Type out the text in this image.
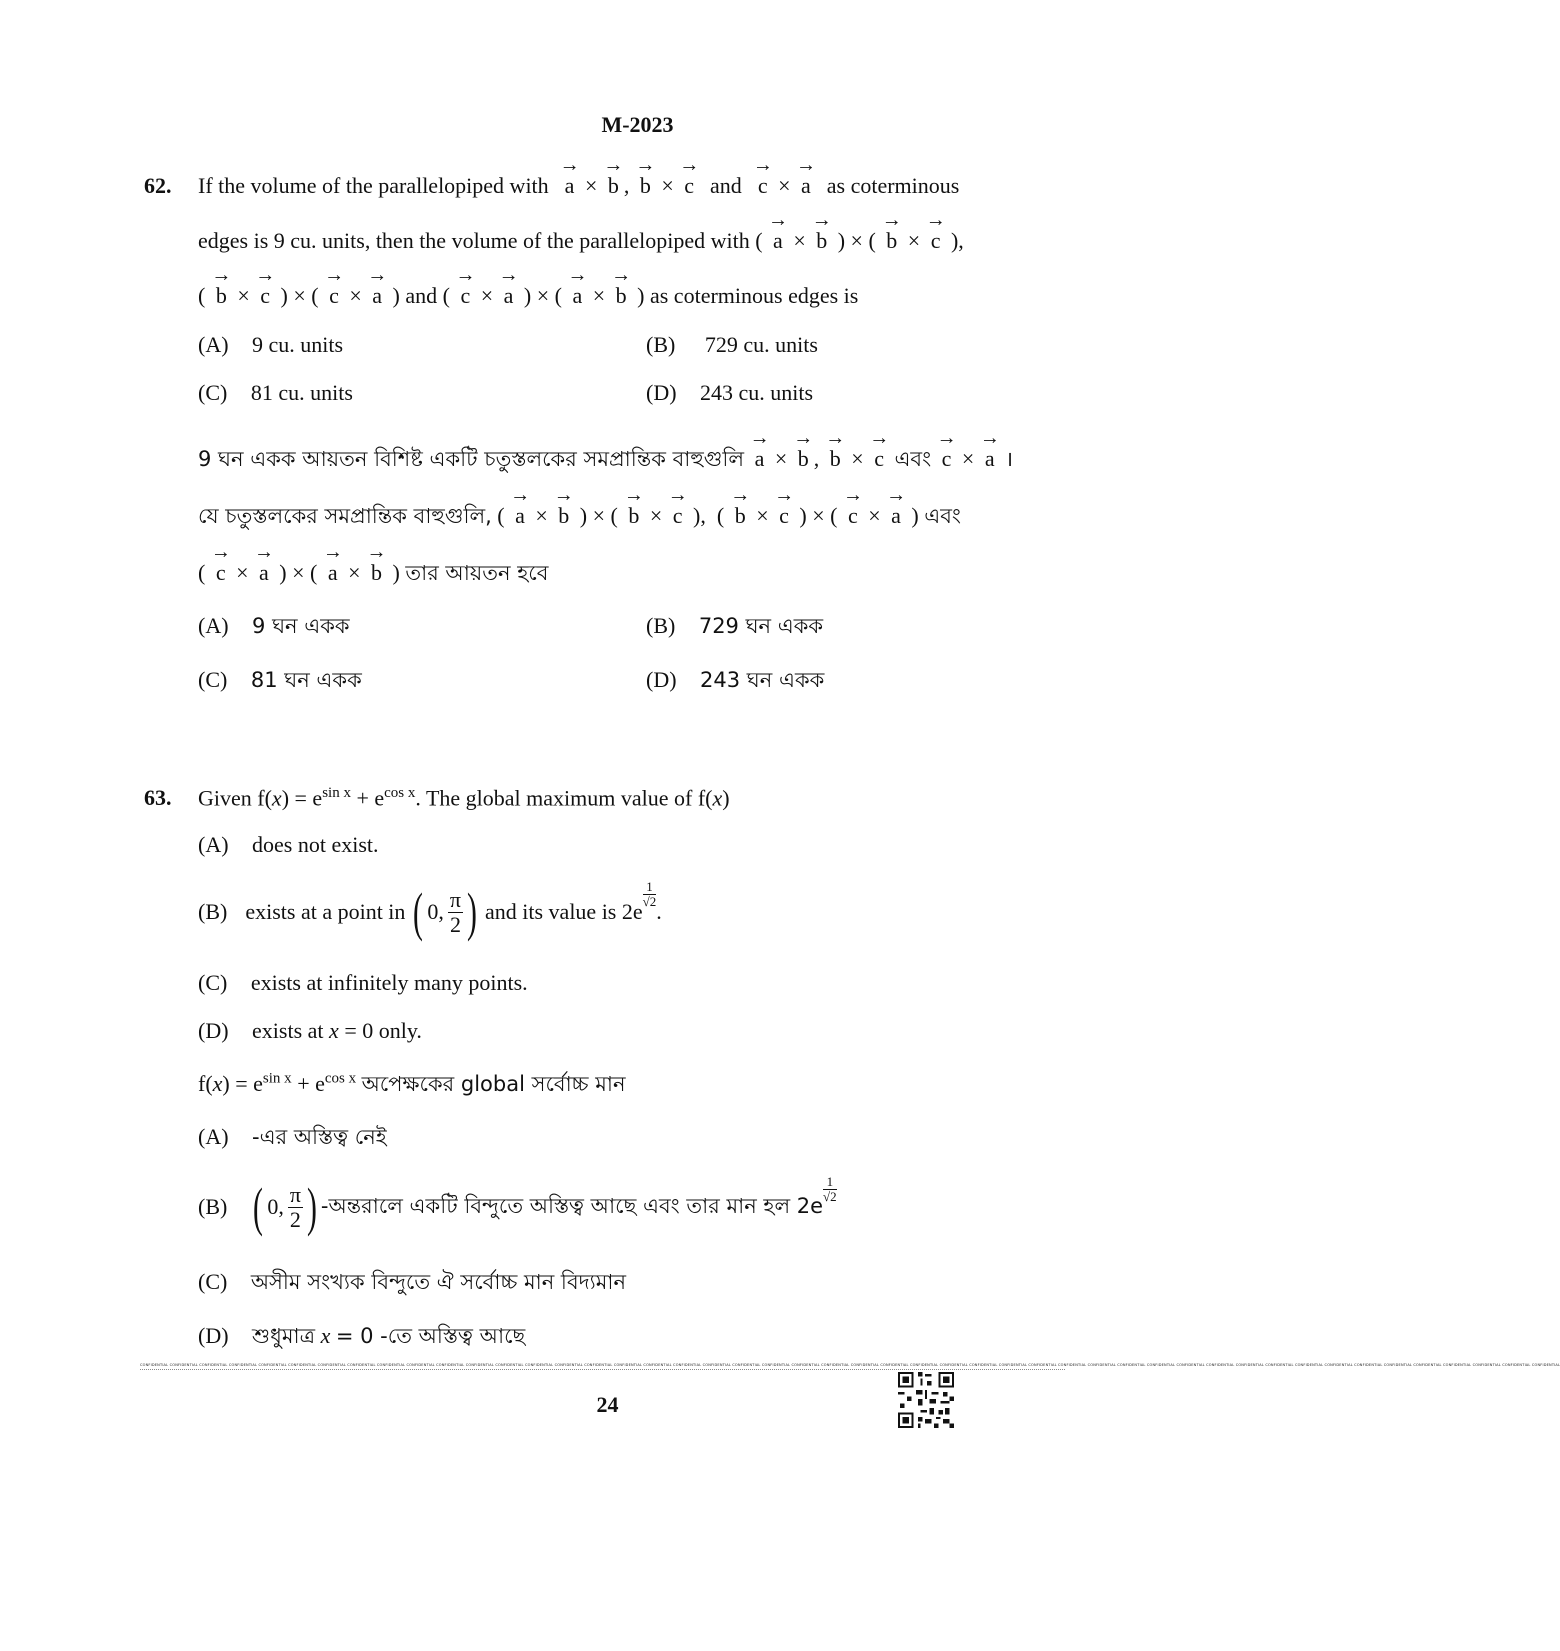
M-2023
62. If the volume of the parallelopiped with → a × → b , → b × → c and → c × → a as coterminous
edges is 9 cu. units, then the volume of the parallelopiped with ( → a × → b ) × ( → b × → c ),
( → b × → c ) × ( → c × → a ) and ( → c × → a ) × ( → a × → b ) as coterminous edges is
(A) 9 cu. units	(B) 729 cu. units
(C) 81 cu. units	(D) 243 cu. units
9 ঘন একক আয়তন বিশিষ্ট একটি চতুস্তলকের সমপ্রান্তিক বাহুগুলি → a × → b , → b × → c এবং → c × → a ।
যে চতুস্তলকের সমপ্রান্তিক বাহুগুলি, ( → a × → b ) × ( → b × → c ),  ( → b × → c ) × ( → c × → a ) এবং
( → c × → a ) × ( → a × → b ) তার আয়তন হবে
(A) 9 ঘন একক	(B) 729 ঘন একক
(C) 81 ঘন একক	(D) 243 ঘন একক
63. Given $f(x) = e^{sin x} + e^{cos x}$. The global maximum value of f(x)
(A) does not exist.
(B) exists at a point in ( 0, $\frac{\pi}{2}$ ) and its value is 2e
$\frac{1}{√2}$
.
(C) exists at infinitely many points.
(D) exists at x = 0 only.
$f(x) = e^{sin x} + e^{cos x}$ অপেক্ষকের global সর্বোচ্চ মান
(A) -এর অস্তিত্ব নেই
(B) ( 0, $\frac{\pi}{2}$ ) -অন্তরালে একটি বিন্দুতে অস্তিত্ব আছে এবং তার মান হল 2e
$\frac{1}{√2}$
(C) অসীম সংখ্যক বিন্দুতে ঐ সর্বোচ্চ মান বিদ্যমান
(D) শুধুমাত্র x = 0 -তে অস্তিত্ব আছে
CONFIDENTIAL CONFIDENTIAL CONFIDENTIAL CONFIDENTIAL CONFIDENTIAL CONFIDENTIAL CONFIDENTIAL CONFIDENTIAL CONFIDENTIAL CONFIDENTIAL CONFIDENTIAL CONFIDENTIAL CONFIDENTIAL CONFIDENTIAL CONFIDENTIAL CONFIDENTIAL CONFIDENTIAL CONFIDENTIAL CONFIDENTIAL CONFIDENTIAL CONFIDENTIAL CONFIDENTIAL CONFIDENTIAL CONFIDENTIAL CONFIDENTIAL CONFIDENTIAL CONFIDENTIAL CONFIDENTIAL CONFIDENTIAL CONFIDENTIAL CONFIDENTIAL CONFIDENTIAL CONFIDENTIAL CONFIDENTIAL CONFIDENTIAL CONFIDENTIAL CONFIDENTIAL CONFIDENTIAL CONFIDENTIAL CONFIDENTIAL CONFIDENTIAL CONFIDENTIAL CONFIDENTIAL CONFIDENTIAL CONFIDENTIAL CONFIDENTIAL CONFIDENTIAL CONFIDENTIAL
24
